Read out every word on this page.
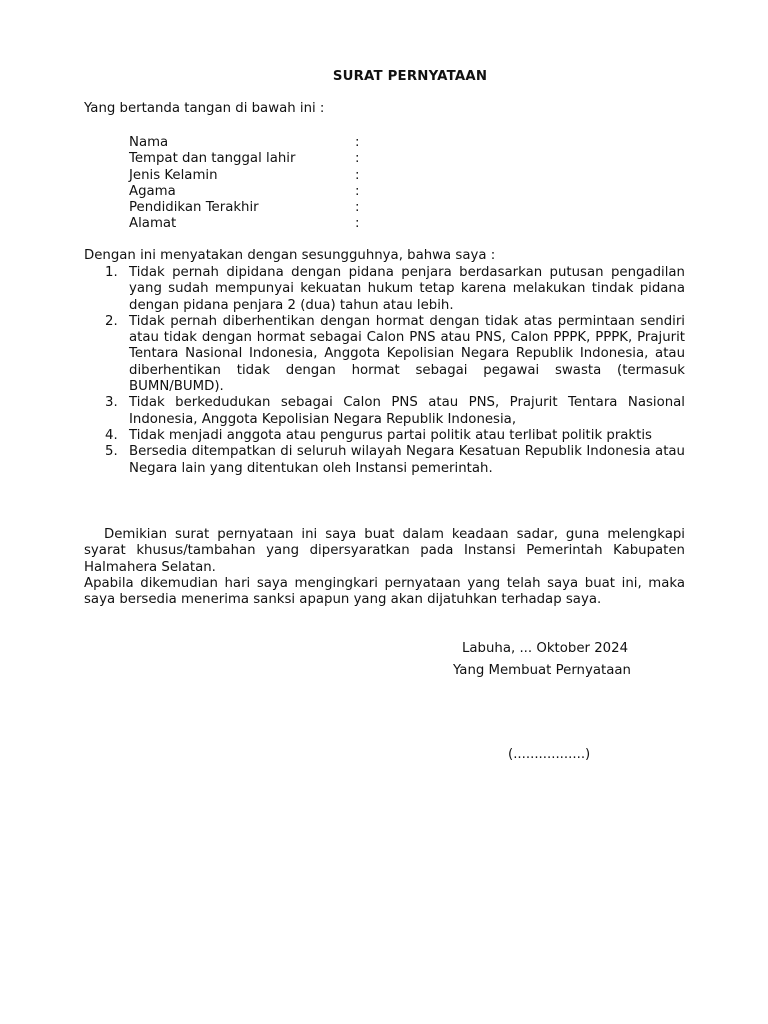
SURAT PERNYATAAN
Yang bertanda tangan di bawah ini :
Nama	:
Tempat dan tanggal lahir	:
Jenis Kelamin	:
Agama	:
Pendidikan Terakhir	:
Alamat	:
Dengan ini menyatakan dengan sesungguhnya, bahwa saya :
1. Tidak pernah dipidana dengan pidana penjara berdasarkan putusan pengadilan yang sudah mempunyai kekuatan hukum tetap karena melakukan tindak pidana dengan pidana penjara 2 (dua) tahun atau lebih.
2. Tidak pernah diberhentikan dengan hormat dengan tidak atas permintaan sendiri atau tidak dengan hormat sebagai Calon PNS atau PNS, Calon PPPK, PPPK, Prajurit Tentara Nasional Indonesia, Anggota Kepolisian Negara Republik Indonesia, atau diberhentikan tidak dengan hormat sebagai pegawai swasta (termasuk BUMN/BUMD).
3. Tidak berkedudukan sebagai Calon PNS atau PNS, Prajurit Tentara Nasional Indonesia, Anggota Kepolisian Negara Republik Indonesia,
4. Tidak menjadi anggota atau pengurus partai politik atau terlibat politik praktis
5. Bersedia ditempatkan di seluruh wilayah Negara Kesatuan Republik Indonesia atau Negara lain yang ditentukan oleh Instansi pemerintah.

Demikian surat pernyataan ini saya buat dalam keadaan sadar, guna melengkapi syarat khusus/tambahan yang dipersyaratkan pada Instansi Pemerintah Kabupaten Halmahera Selatan.

Apabila dikemudian hari saya mengingkari pernyataan yang telah saya buat ini, maka saya bersedia menerima sanksi apapun yang akan dijatuhkan terhadap saya.

Labuha, ... Oktober 2024
Yang Membuat Pernyataan
(.................)
